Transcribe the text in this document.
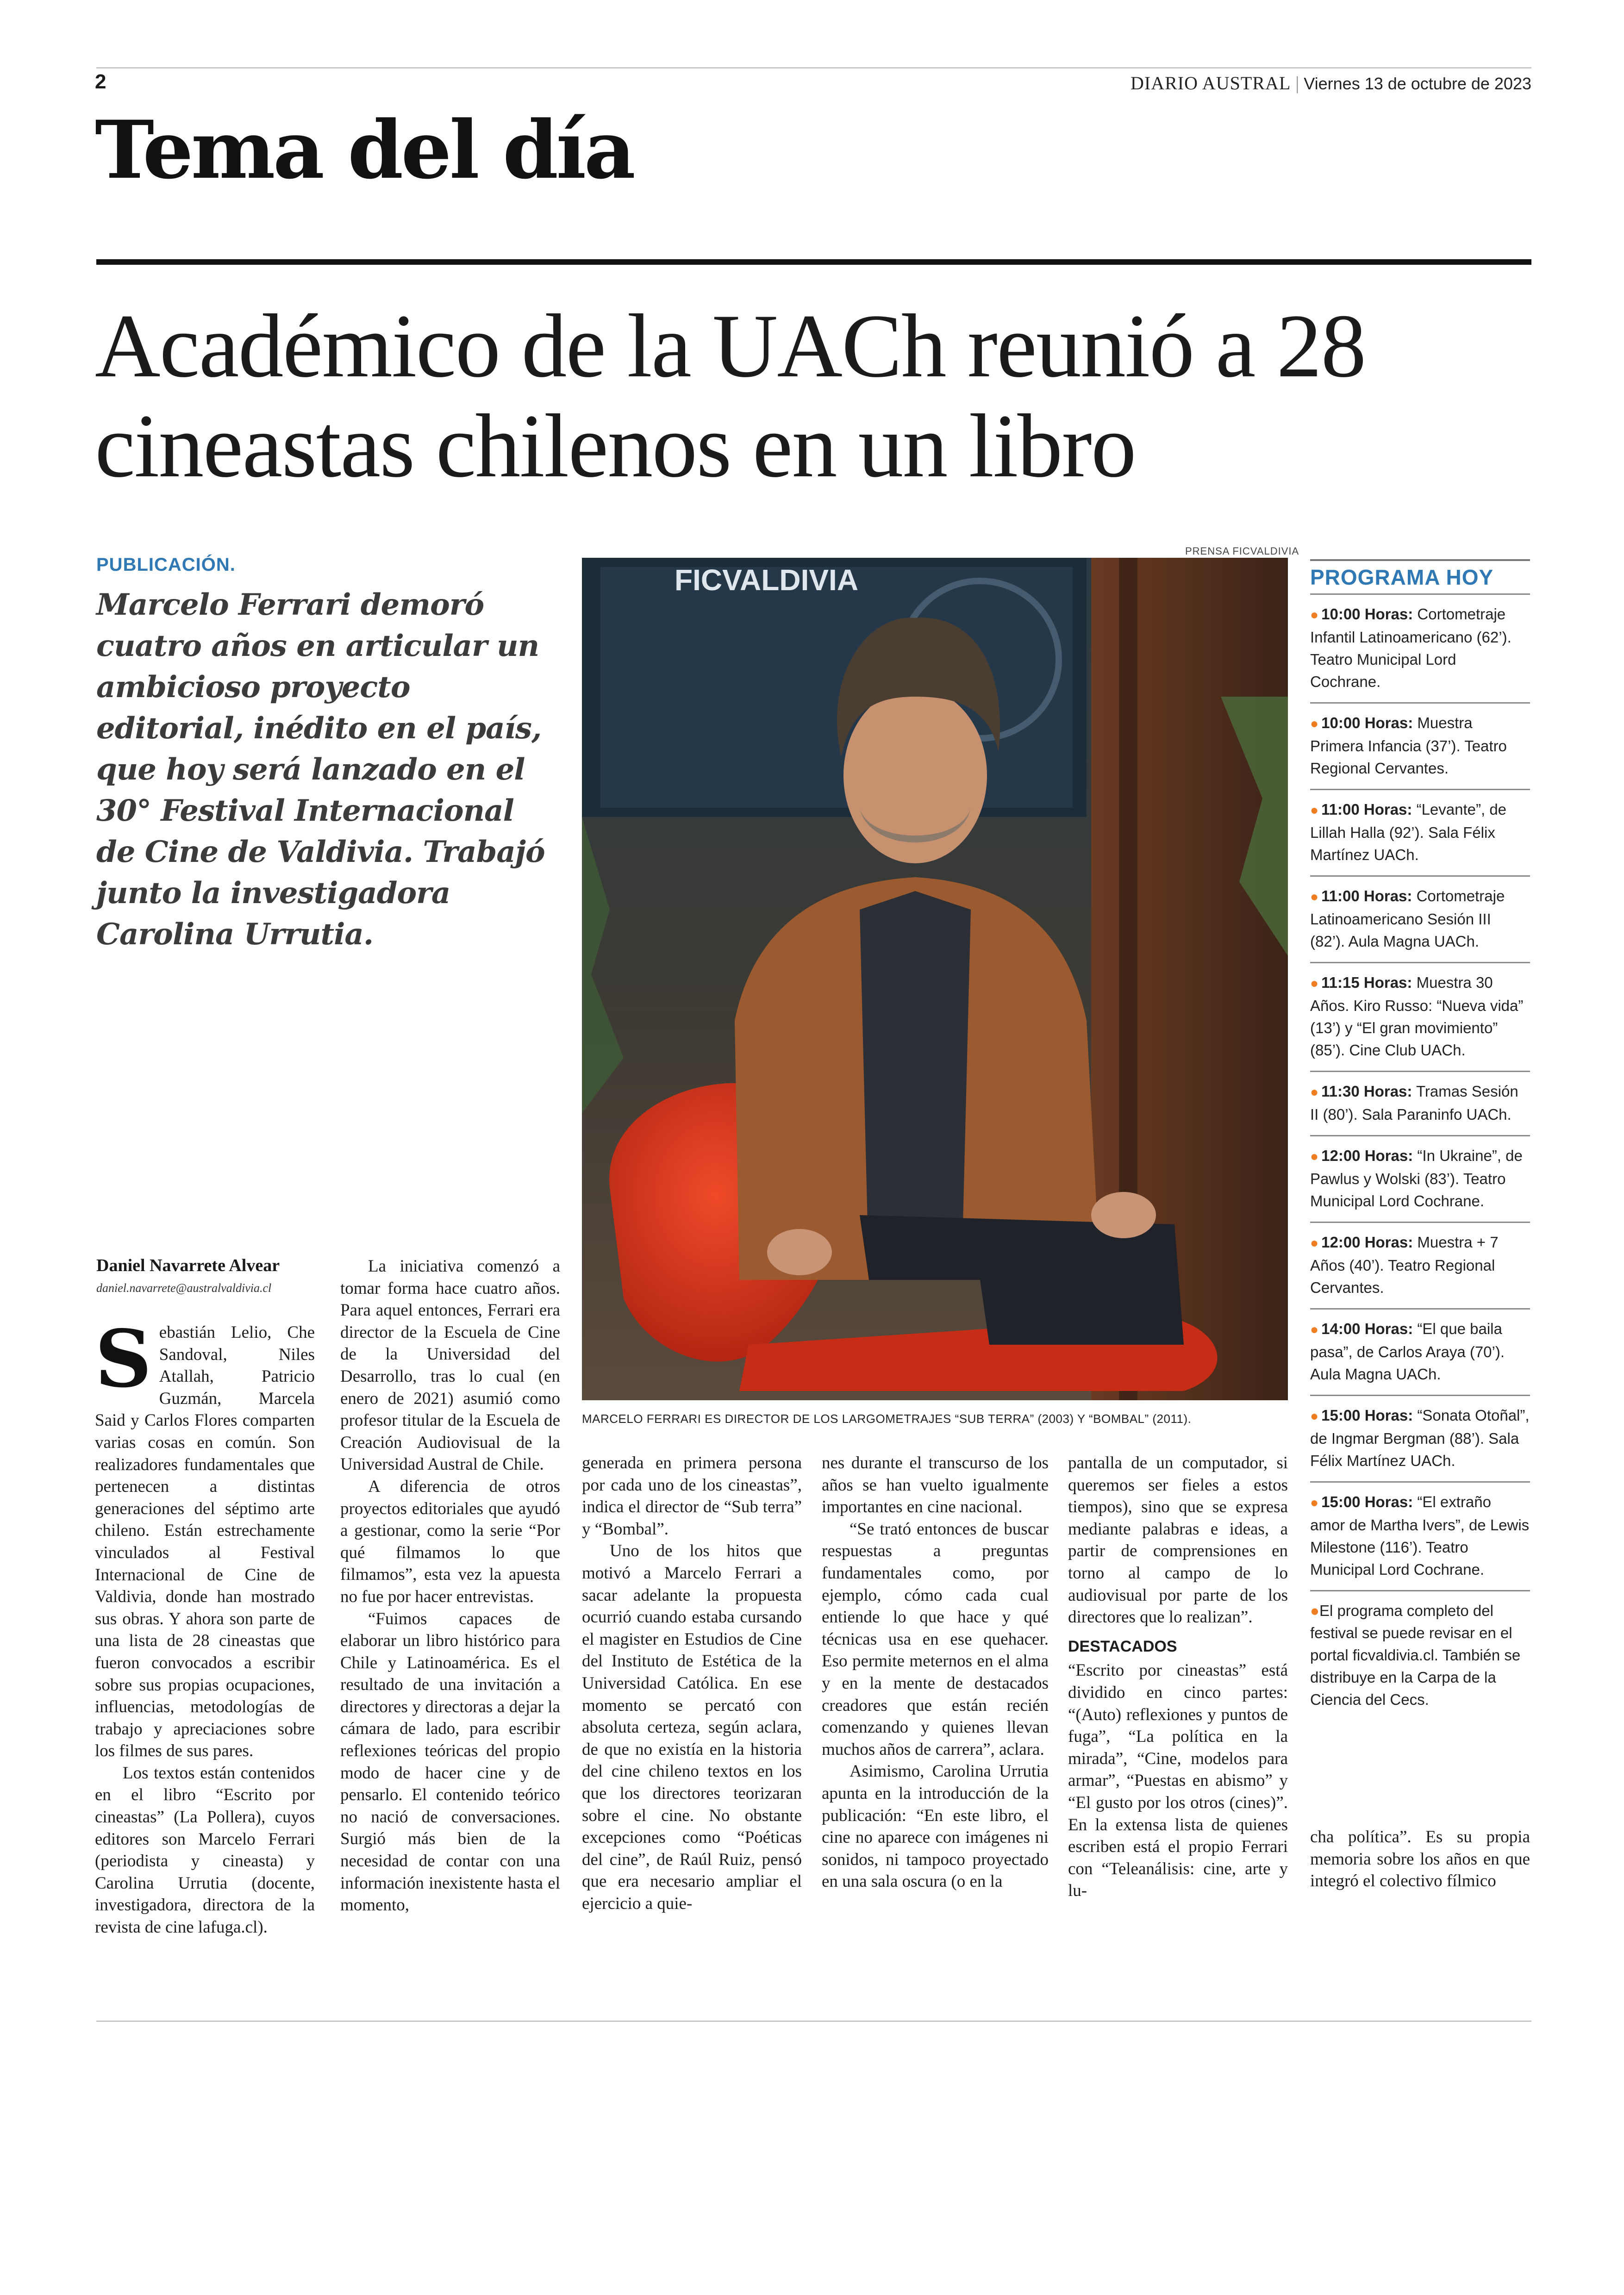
2	DIARIO AUSTRAL | Viernes 13 de octubre de 2023
Tema del día
Académico de la UACh reunió a 28 cineastas chilenos en un libro
PUBLICACIÓN.
Marcelo Ferrari demoró cuatro años en articular un ambicioso proyecto editorial, inédito en el país, que hoy será lanzado en el 30° Festival Internacional de Cine de Valdivia. Trabajó junto la investigadora Carolina Urrutia.
PRENSA FICVALDIVIA
FICVALDIVIA
MARCELO FERRARI ES DIRECTOR DE LOS LARGOMETRAJES “SUB TERRA” (2003) Y “BOMBAL” (2011).
Daniel Navarrete Alvear
daniel.navarrete@australvaldivia.cl

Sebastián Lelio, Che Sandoval, Niles Atallah, Patricio Guzmán, Marcela Said y Carlos Flores comparten varias cosas en común. Son realizadores fundamentales que pertenecen a distintas generaciones del séptimo arte chileno. Están estrechamente vinculados al Festival Internacional de Cine de Valdivia, donde han mostrado sus obras. Y ahora son parte de una lista de 28 cineastas que fueron convocados a escribir sobre sus propias ocupaciones, influencias, metodologías de trabajo y apreciaciones sobre los filmes de sus pares.

Los textos están contenidos en el libro “Escrito por cineastas” (La Pollera), cuyos editores son Marcelo Ferrari (periodista y cineasta) y Carolina Urrutia (docente, investigadora, directora de la revista de cine lafuga.cl).

La iniciativa comenzó a tomar forma hace cuatro años. Para aquel entonces, Ferrari era director de la Escuela de Cine de la Universidad del Desarrollo, tras lo cual (en enero de 2021) asumió como profesor titular de la Escuela de Creación Audiovisual de la Universidad Austral de Chile.

A diferencia de otros proyectos editoriales que ayudó a gestionar, como la serie “Por qué filmamos lo que filmamos”, esta vez la apuesta no fue por hacer entrevistas.

“Fuimos capaces de elaborar un libro histórico para Chile y Latinoamérica. Es el resultado de una invitación a directores y directoras a dejar la cámara de lado, para escribir reflexiones teóricas del propio modo de hacer cine y de pensarlo. El contenido teórico no nació de conversaciones. Surgió más bien de la necesidad de contar con una información inexistente hasta el momento,

generada en primera persona por cada uno de los cineastas”, indica el director de “Sub terra” y “Bombal”.

Uno de los hitos que motivó a Marcelo Ferrari a sacar adelante la propuesta ocurrió cuando estaba cursando el magister en Estudios de Cine del Instituto de Estética de la Universidad Católica. En ese momento se percató con absoluta certeza, según aclara, de que no existía en la historia del cine chileno textos en los que los directores teorizaran sobre el cine. No obstante excepciones como “Poéticas del cine”, de Raúl Ruiz, pensó que era necesario ampliar el ejercicio a quie-

nes durante el transcurso de los años se han vuelto igualmente importantes en cine nacional.

“Se trató entonces de buscar respuestas a preguntas fundamentales como, por ejemplo, cómo cada cual entiende lo que hace y qué técnicas usa en ese quehacer. Eso permite meternos en el alma y en la mente de destacados creadores que están recién comenzando y quienes llevan muchos años de carrera”, aclara.

Asimismo, Carolina Urrutia apunta en la introducción de la publicación: “En este libro, el cine no aparece con imágenes ni sonidos, ni tampoco proyectado en una sala oscura (o en la

pantalla de un computador, si queremos ser fieles a estos tiempos), sino que se expresa mediante palabras e ideas, a partir de comprensiones en torno al campo de lo audiovisual por parte de los directores que lo realizan”.

DESTACADOS

“Escrito por cineastas” está dividido en cinco partes: “(Auto) reflexiones y puntos de fuga”, “La política en la mirada”, “Cine, modelos para armar”, “Puestas en abismo” y “El gusto por los otros (cines)”. En la extensa lista de quienes escriben está el propio Ferrari con “Teleanálisis: cine, arte y lu-

cha política”. Es su propia memoria sobre los años en que integró el colectivo fílmico

PROGRAMA HOY
● 10:00 Horas: Cortometraje Infantil Latinoamericano (62’). Teatro Municipal Lord Cochrane.
● 10:00 Horas: Muestra Primera Infancia (37’). Teatro Regional Cervantes.
● 11:00 Horas: “Levante”, de Lillah Halla (92’). Sala Félix Martínez UACh.
● 11:00 Horas: Cortometraje Latinoamericano Sesión III (82’). Aula Magna UACh.
● 11:15 Horas: Muestra 30 Años. Kiro Russo: “Nueva vida” (13’) y “El gran movimiento” (85’). Cine Club UACh.
● 11:30 Horas: Tramas Sesión II (80’). Sala Paraninfo UACh.
● 12:00 Horas: “In Ukraine”, de Pawlus y Wolski (83’). Teatro Municipal Lord Cochrane.
● 12:00 Horas: Muestra + 7 Años (40’). Teatro Regional Cervantes.
● 14:00 Horas: “El que baila pasa”, de Carlos Araya (70’). Aula Magna UACh.
● 15:00 Horas: “Sonata Otoñal”, de Ingmar Bergman (88’). Sala Félix Martínez UACh.
● 15:00 Horas: “El extraño amor de Martha Ivers”, de Lewis Milestone (116’). Teatro Municipal Lord Cochrane.
●El programa completo del festival se puede revisar en el portal ficvaldivia.cl. También se distribuye en la Carpa de la Ciencia del Cecs.
